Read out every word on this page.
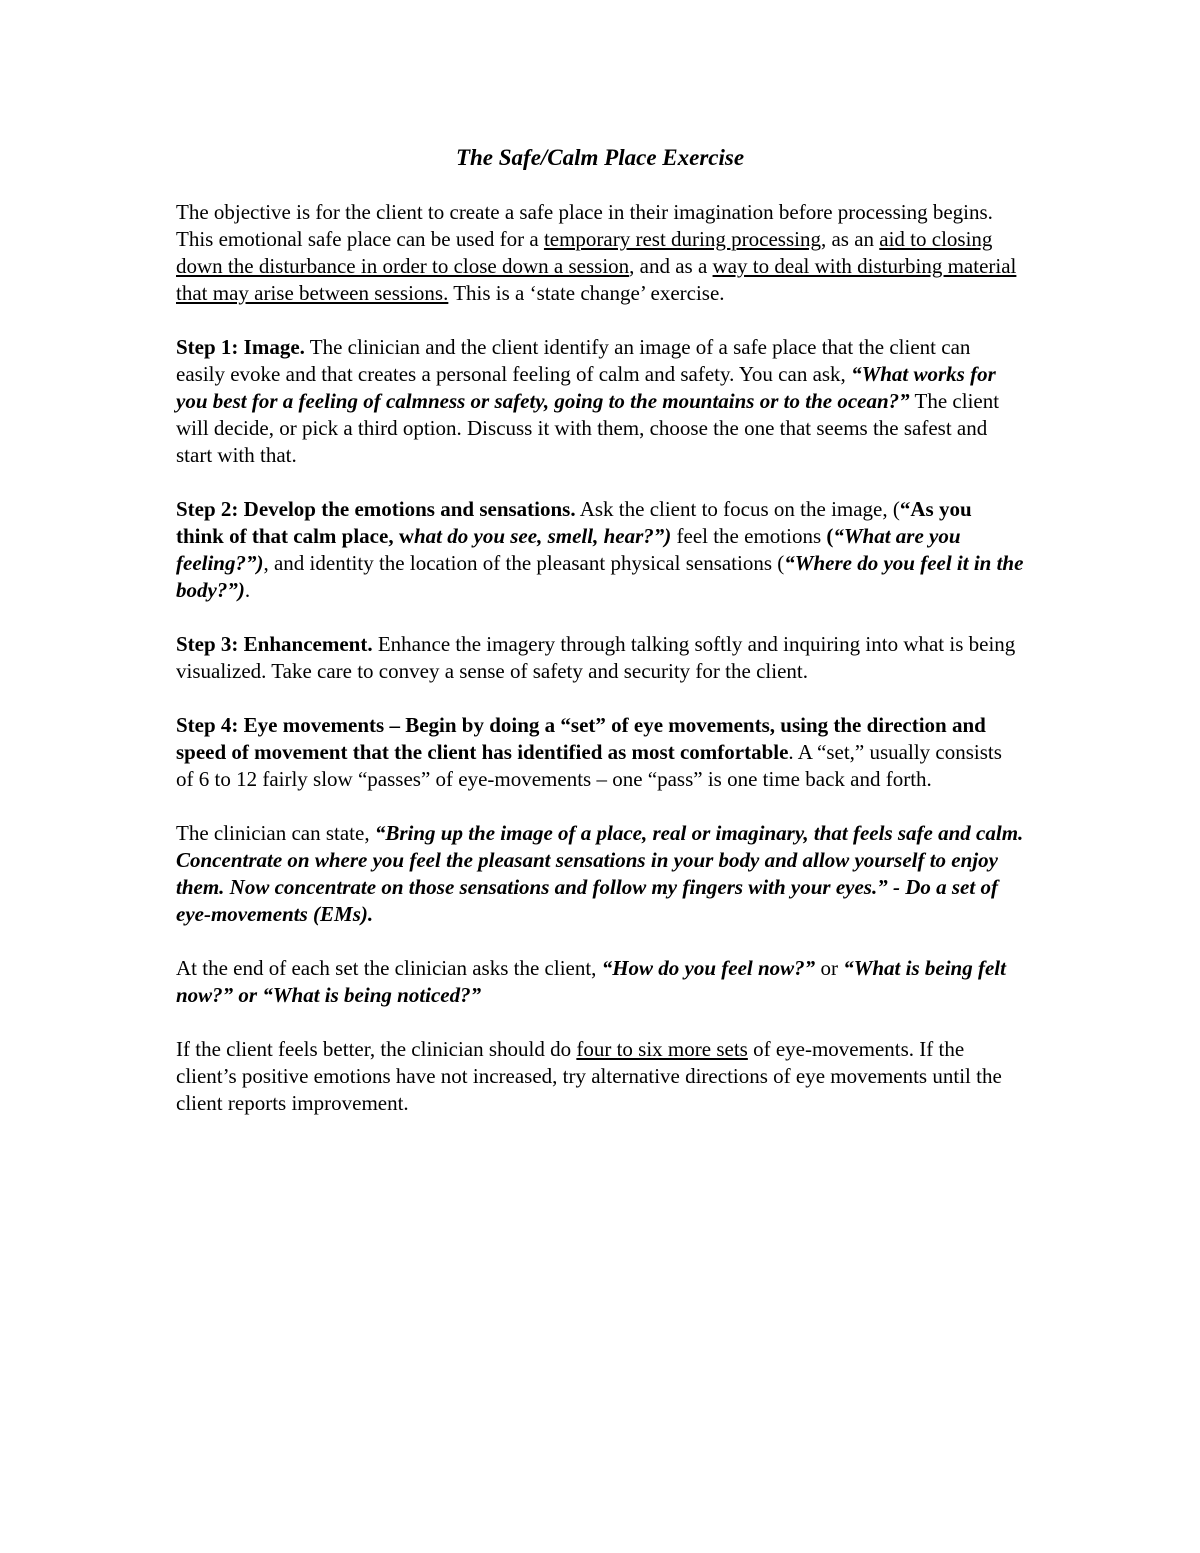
The Safe/Calm Place Exercise

The objective is for the client to create a safe place in their imagination before processing begins. This emotional safe place can be used for a temporary rest during processing, as an aid to closing down the disturbance in order to close down a session, and as a way to deal with disturbing material that may arise between sessions. This is a ‘state change’ exercise.

Step 1: Image. The clinician and the client identify an image of a safe place that the client can easily evoke and that creates a personal feeling of calm and safety. You can ask, “What works for you best for a feeling of calmness or safety, going to the mountains or to the ocean?” The client will decide, or pick a third option. Discuss it with them, choose the one that seems the safest and start with that.

Step 2: Develop the emotions and sensations. Ask the client to focus on the image, (“As you think of that calm place, what do you see, smell, hear?”) feel the emotions (“What are you feeling?”), and identity the location of the pleasant physical sensations (“Where do you feel it in the body?”).

Step 3: Enhancement. Enhance the imagery through talking softly and inquiring into what is being visualized. Take care to convey a sense of safety and security for the client.

Step 4: Eye movements – Begin by doing a “set” of eye movements, using the direction and speed of movement that the client has identified as most comfortable. A “set,” usually consists of 6 to 12 fairly slow “passes” of eye-movements – one “pass” is one time back and forth.

The clinician can state, “Bring up the image of a place, real or imaginary, that feels safe and calm. Concentrate on where you feel the pleasant sensations in your body and allow yourself to enjoy them. Now concentrate on those sensations and follow my fingers with your eyes.” - Do a set of eye-movements (EMs).

At the end of each set the clinician asks the client, “How do you feel now?” or “What is being felt now?” or “What is being noticed?”

If the client feels better, the clinician should do four to six more sets of eye-movements. If the client’s positive emotions have not increased, try alternative directions of eye movements until the client reports improvement.
